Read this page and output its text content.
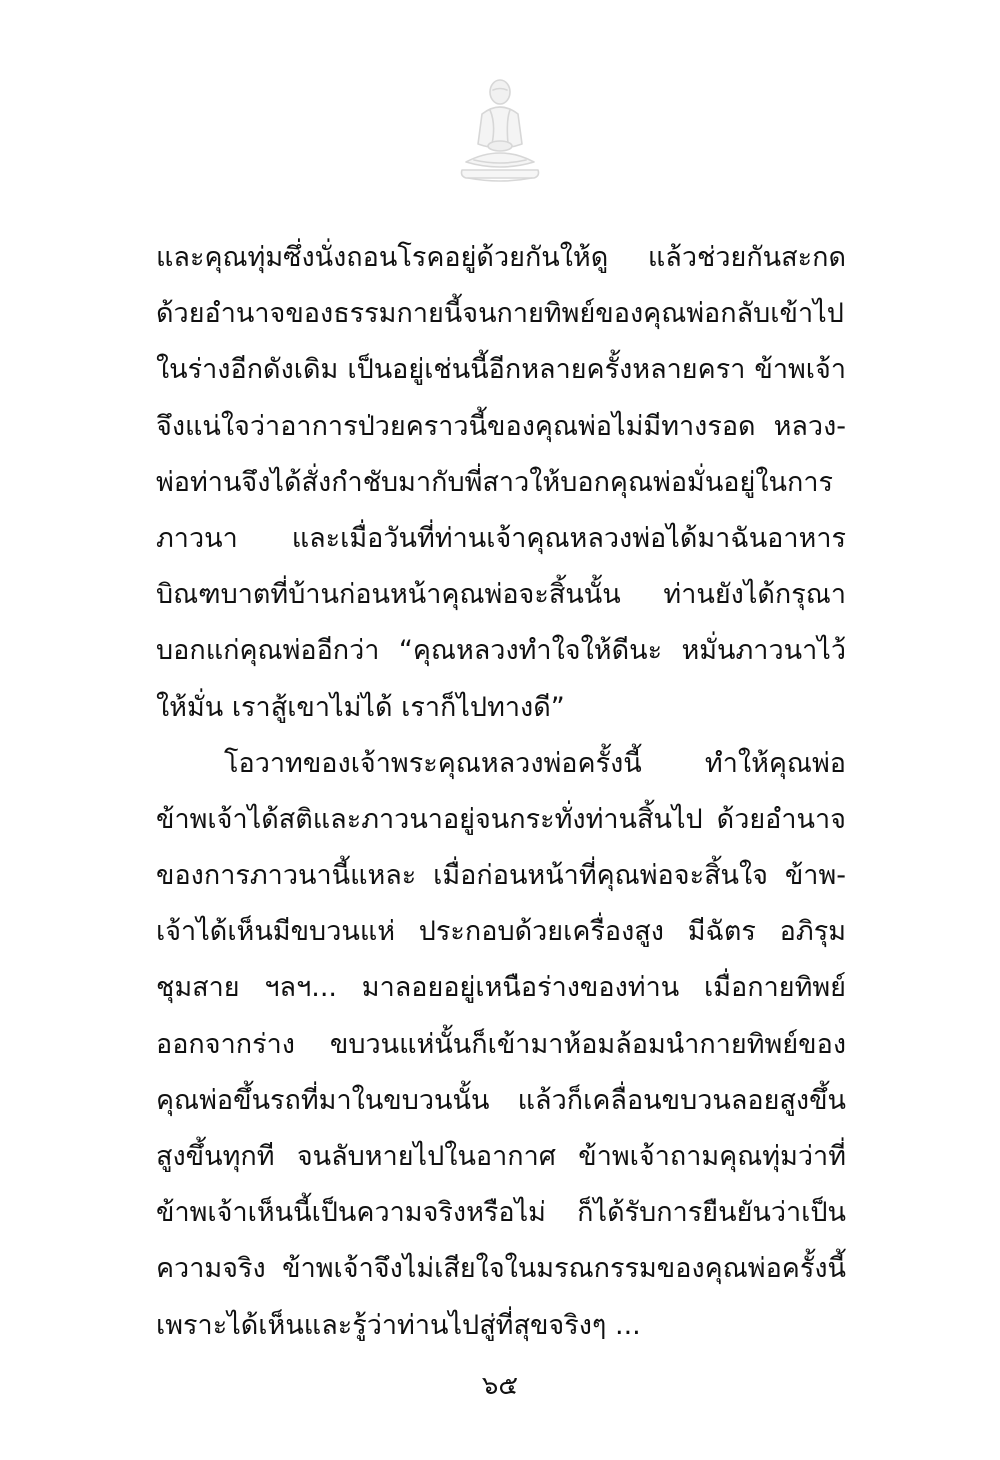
และคุณทุ่มซึ่งนั่งถอนโรคอยู่ด้วยกันให้ดู แล้วช่วยกันสะกด
ด้วยอำนาจของธรรมกายนี้จนกายทิพย์ของคุณพ่อกลับเข้าไป
ในร่างอีกดังเดิม เป็นอยู่เช่นนี้อีกหลายครั้งหลายครา ข้าพเจ้า
จึงแน่ใจว่าอาการป่วยคราวนี้ของคุณพ่อไม่มีทางรอด หลวง-
พ่อท่านจึงได้สั่งกำชับมากับพี่สาวให้บอกคุณพ่อมั่นอยู่ในการ
ภาวนา และเมื่อวันที่ท่านเจ้าคุณหลวงพ่อได้มาฉันอาหาร
บิณฑบาตที่บ้านก่อนหน้าคุณพ่อจะสิ้นนั้น ท่านยังได้กรุณา
บอกแก่คุณพ่ออีกว่า “คุณหลวงทำใจให้ดีนะ หมั่นภาวนาไว้
ให้มั่น เราสู้เขาไม่ได้ เราก็ไปทางดี”
โอวาทของเจ้าพระคุณหลวงพ่อครั้งนี้ ทำให้คุณพ่อ
ข้าพเจ้าได้สติและภาวนาอยู่จนกระทั่งท่านสิ้นไป ด้วยอำนาจ
ของการภาวนานี้แหละ เมื่อก่อนหน้าที่คุณพ่อจะสิ้นใจ ข้าพ-
เจ้าได้เห็นมีขบวนแห่ ประกอบด้วยเครื่องสูง มีฉัตร อภิรุม
ชุมสาย ฯลฯ... มาลอยอยู่เหนือร่างของท่าน เมื่อกายทิพย์
ออกจากร่าง ขบวนแห่นั้นก็เข้ามาห้อมล้อมนำกายทิพย์ของ
คุณพ่อขึ้นรถที่มาในขบวนนั้น แล้วก็เคลื่อนขบวนลอยสูงขึ้น
สูงขึ้นทุกที จนลับหายไปในอากาศ ข้าพเจ้าถามคุณทุ่มว่าที่
ข้าพเจ้าเห็นนี้เป็นความจริงหรือไม่ ก็ได้รับการยืนยันว่าเป็น
ความจริง ข้าพเจ้าจึงไม่เสียใจในมรณกรรมของคุณพ่อครั้งนี้
เพราะได้เห็นและรู้ว่าท่านไปสู่ที่สุขจริงๆ ...
๖๕
